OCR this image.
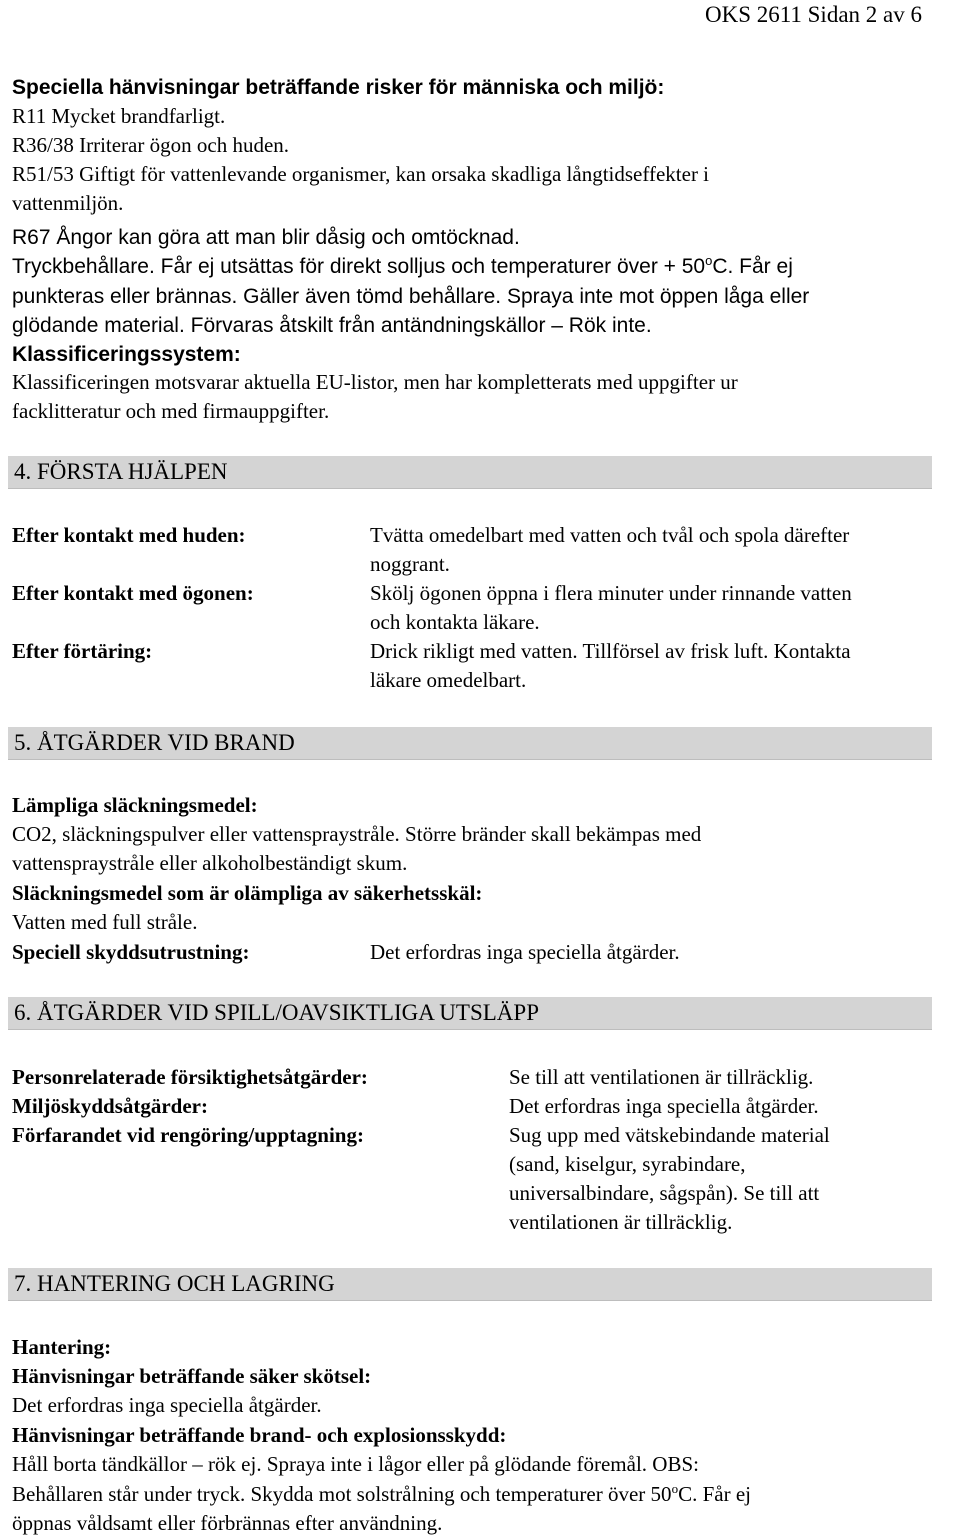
OKS 2611 Sidan 2 av 6
Speciella hänvisningar beträffande risker för människa och miljö:
R11 Mycket brandfarligt.
R36/38 Irriterar ögon och huden.
R51/53 Giftigt för vattenlevande organismer, kan orsaka skadliga långtidseffekter i
vattenmiljön.
R67 Ångor kan göra att man blir dåsig och omtöcknad.
Tryckbehållare. Får ej utsättas för direkt solljus och temperaturer över + $50^oC$. Får ej
punkteras eller brännas. Gäller även tömd behållare. Spraya inte mot öppen låga eller
glödande material. Förvaras åtskilt från antändningskällor – Rök inte.
Klassificeringssystem:
Klassificeringen motsvarar aktuella EU-listor, men har kompletterats med uppgifter ur
facklitteratur och med firmauppgifter.
4. FÖRSTA HJÄLPEN
Efter kontakt med huden:	Tvätta omedelbart med vatten och tvål och spola därefter
noggrant.
Efter kontakt med ögonen:	Skölj ögonen öppna i flera minuter under rinnande vatten
och kontakta läkare.
Efter förtäring:	Drick rikligt med vatten. Tillförsel av frisk luft. Kontakta
läkare omedelbart.
5. ÅTGÄRDER VID BRAND
Lämpliga släckningsmedel:
CO2, släckningspulver eller vattenspraystråle. Större bränder skall bekämpas med
vattenspraystråle eller alkoholbeständigt skum.
Släckningsmedel som är olämpliga av säkerhetsskäl:
Vatten med full stråle.
Speciell skyddsutrustning:	Det erfordras inga speciella åtgärder.
6. ÅTGÄRDER VID SPILL/OAVSIKTLIGA UTSLÄPP
Personrelaterade försiktighetsåtgärder:	Se till att ventilationen är tillräcklig.
Miljöskyddsåtgärder:	Det erfordras inga speciella åtgärder.
Förfarandet vid rengöring/upptagning:	Sug upp med vätskebindande material
(sand, kiselgur, syrabindare,
universalbindare, sågspån). Se till att
ventilationen är tillräcklig.
7. HANTERING OCH LAGRING
Hantering:
Hänvisningar beträffande säker skötsel:
Det erfordras inga speciella åtgärder.
Hänvisningar beträffande brand- och explosionsskydd:
Håll borta tändkällor – rök ej. Spraya inte i lågor eller på glödande föremål. OBS:
Behållaren står under tryck. Skydda mot solstrålning och temperaturer över 50$^o$C. Får ej
öppnas våldsamt eller förbrännas efter användning.
